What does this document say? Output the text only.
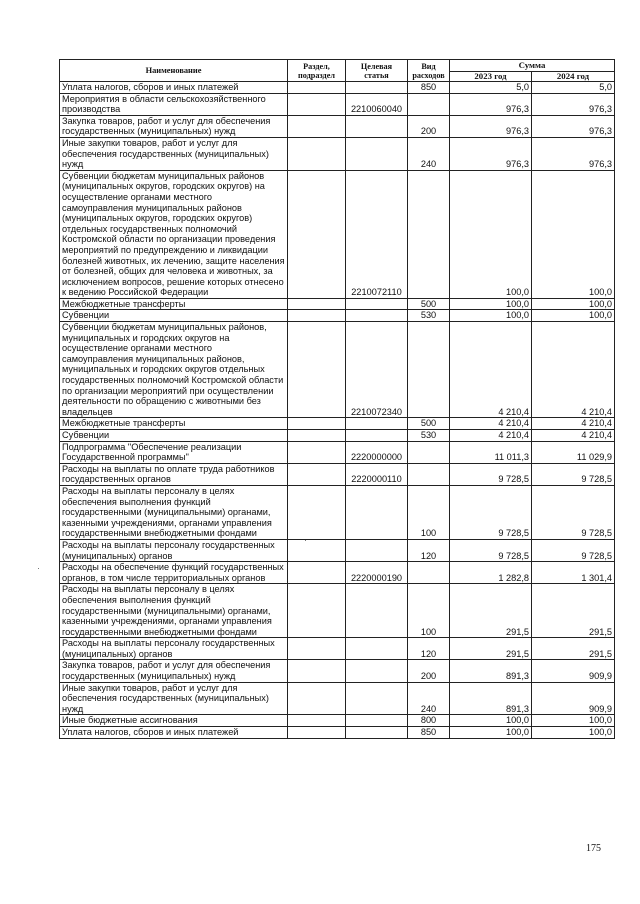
Наименование	Раздел, подраздел	Целевая статья	Вид расходов	Сумма	
				2023 год	2024 год
Уплата налогов, сборов и иных платежей			850	5,0	5,0
Мероприятия в области сельскохозяйственного производства		2210060040		976,3	976,3
Закупка товаров, работ и услуг для обеспечения государственных (муниципальных) нужд			200	976,3	976,3
Иные закупки товаров, работ и услуг для обеспечения государственных (муниципальных) нужд			240	976,3	976,3
Субвенции бюджетам муниципальных районов (муниципальных округов, городских округов) на осуществление органами местного самоуправления муниципальных районов (муниципальных округов, городских округов) отдельных государственных полномочий Костромской области по организации проведения мероприятий по предупреждению и ликвидации болезней животных, их лечению, защите населения от болезней, общих для человека и животных, за исключением вопросов, решение которых отнесено к ведению Российской Федерации		2210072110		100,0	100,0
Межбюджетные трансферты			500	100,0	100,0
Субвенции			530	100,0	100,0
Субвенции бюджетам муниципальных районов, муниципальных и городских округов на осуществление органами местного самоуправления муниципальных районов, муниципальных и городских округов отдельных государственных полномочий Костромской области по организации мероприятий при осуществлении деятельности по обращению с животными без владельцев		2210072340		4 210,4	4 210,4
Межбюджетные трансферты			500	4 210,4	4 210,4
Субвенции			530	4 210,4	4 210,4
Подпрограмма "Обеспечение реализации Государственной программы"		2220000000		11 011,3	11 029,9
Расходы на выплаты по оплате труда работников государственных органов		2220000110		9 728,5	9 728,5
Расходы на выплаты персоналу в целях обеспечения выполнения функций государственными (муниципальными) органами, казенными учреждениями, органами управления государственными внебюджетными фондами			100	9 728,5	9 728,5
Расходы на выплаты персоналу государственных (муниципальных) органов			120	9 728,5	9 728,5
Расходы на обеспечение функций государственных органов, в том числе территориальных органов		2220000190		1 282,8	1 301,4
Расходы на выплаты персоналу в целях обеспечения выполнения функций государственными (муниципальными) органами, казенными учреждениями, органами управления государственными внебюджетными фондами			100	291,5	291,5
Расходы на выплаты персоналу государственных (муниципальных) органов			120	291,5	291,5
Закупка товаров, работ и услуг для обеспечения государственных (муниципальных) нужд			200	891,3	909,9
Иные закупки товаров, работ и услуг для обеспечения государственных (муниципальных) нужд			240	891,3	909,9
Иные бюджетные ассигнования			800	100,0	100,0
Уплата налогов, сборов и иных платежей			850	100,0	100,0
175
